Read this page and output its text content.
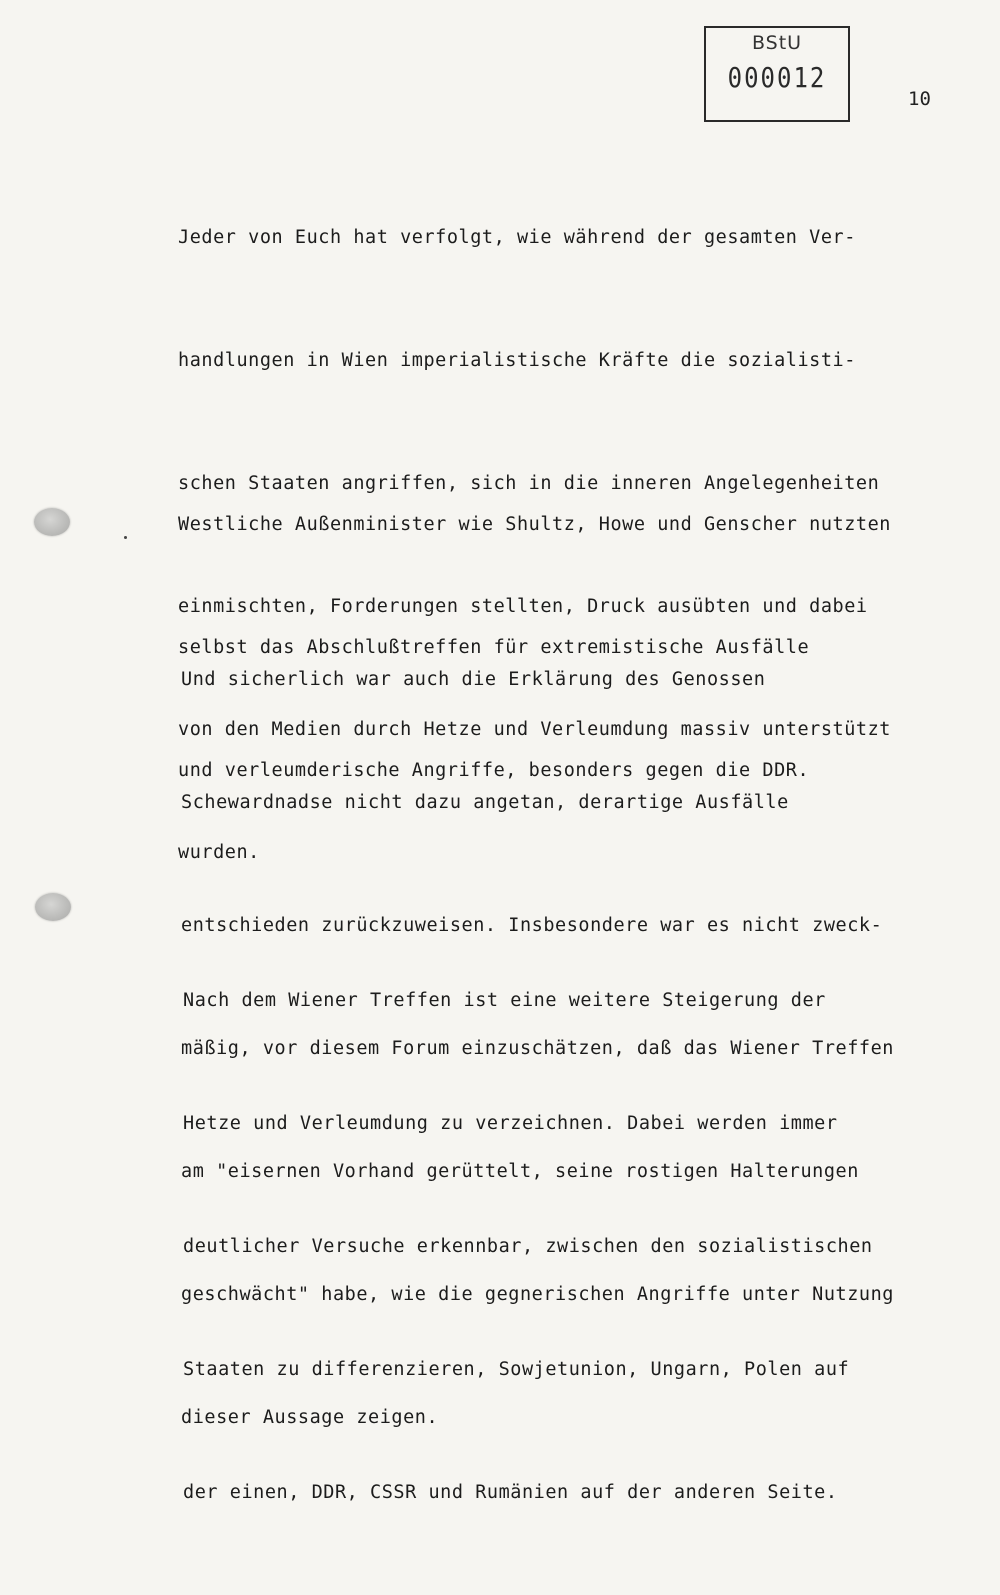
BStU
000012
10

Jeder von Euch hat verfolgt, wie während der gesamten Ver-

handlungen in Wien imperialistische Kräfte die sozialisti-

schen Staaten angriffen, sich in die inneren Angelegenheiten

einmischten, Forderungen stellten, Druck ausübten und dabei

von den Medien durch Hetze und Verleumdung massiv unterstützt

wurden.

Westliche Außenminister wie Shultz, Howe und Genscher nutzten

selbst das Abschlußtreffen für extremistische Ausfälle

und verleumderische Angriffe, besonders gegen die DDR.

Und sicherlich war auch die Erklärung des Genossen

Schewardnadse nicht dazu angetan, derartige Ausfälle

entschieden zurückzuweisen. Insbesondere war es nicht zweck-

mäßig, vor diesem Forum einzuschätzen, daß das Wiener Treffen

am "eisernen Vorhand gerüttelt, seine rostigen Halterungen

geschwächt" habe, wie die gegnerischen Angriffe unter Nutzung

dieser Aussage zeigen.

Nach dem Wiener Treffen ist eine weitere Steigerung der

Hetze und Verleumdung zu verzeichnen. Dabei werden immer

deutlicher Versuche erkennbar, zwischen den sozialistischen

Staaten zu differenzieren, Sowjetunion, Ungarn, Polen auf

der einen, DDR, CSSR und Rumänien auf der anderen Seite.
